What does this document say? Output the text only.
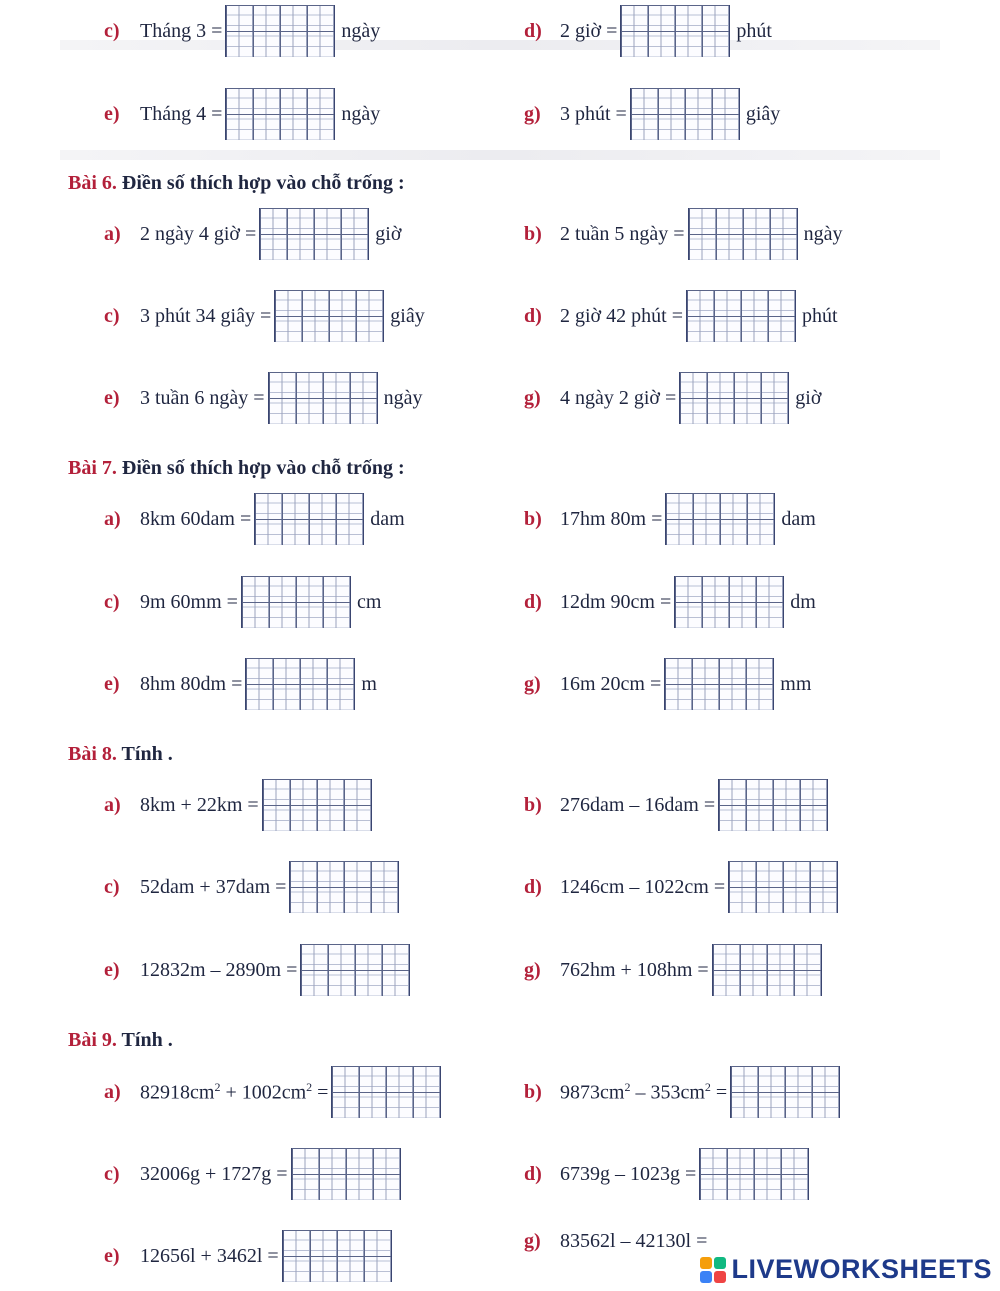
c)	Tháng 3 =	ngày	d) 2 giờ =	phút
e)	Tháng 4 =	ngày	g) 3 phút =	giây
Bài 6. Điền số thích hợp vào chỗ trống :
a) 2 ngày 4 giờ =	giờ	b) 2 tuần 5 ngày =	ngày
c)	3 phút 34 giây =	giây	d) 2 giờ 42 phút =	phút
e)	3 tuần 6 ngày =	ngày	g) 4 ngày 2 giờ =	giờ
Bài 7. Điền số thích hợp vào chỗ trống :
a) 8km 60dam =	dam	b) 17hm 80m =	dam
c)	9m 60mm =	cm	d) 12dm 90cm =	dm
e)	8hm 80dm =	m	g) 16m 20cm =	mm
Bài 8. Tính .
a) 8km + 22km =	b) 276dam – 16dam =
c)	52dam + 37dam =	d) 1246cm – 1022cm =
e)	12832m – 2890m =	g) 762hm + 108hm =
Bài 9. Tính .
a) $82918cm^2 + 1002cm^2$ =	b) $9873cm^2 - 353cm^2$ =
c)	32006g + 1727g =	d) 6739g – 1023g =
e)	12656l + 3462l =
g) 83562l – 42130l =
LIVEWORKSHEETS
